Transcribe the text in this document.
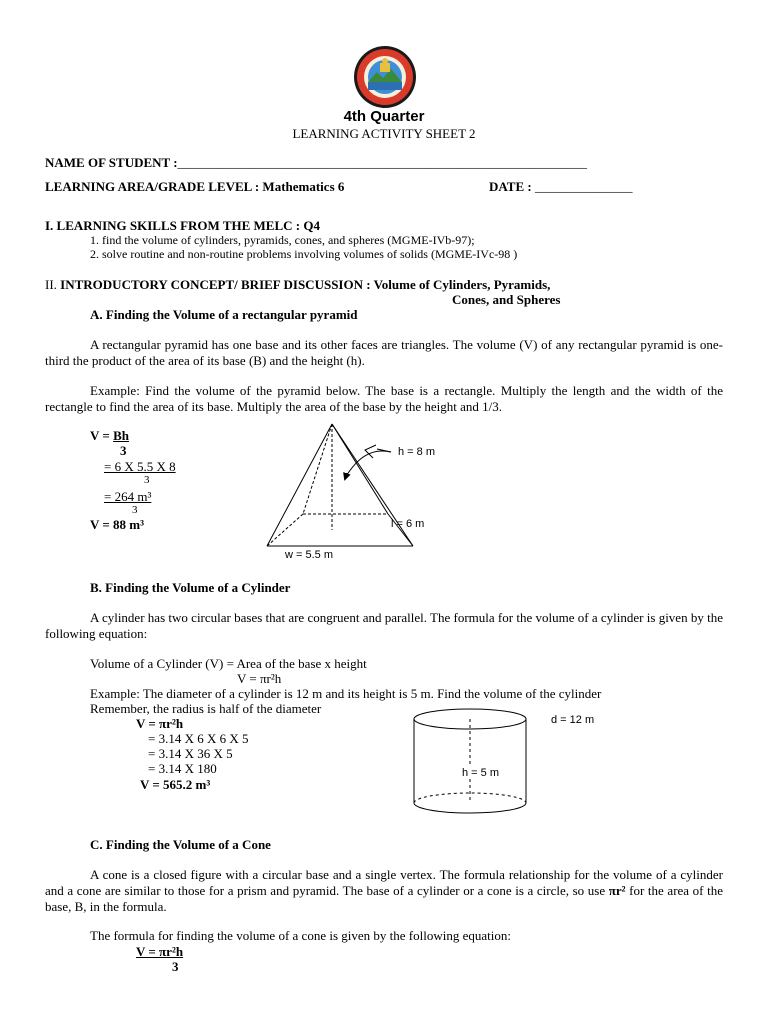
4th Quarter
LEARNING ACTIVITY SHEET 2
NAME OF STUDENT :_______________________________________________________________
LEARNING AREA/GRADE LEVEL : Mathematics 6	DATE : _______________
I. LEARNING SKILLS FROM THE MELC : Q4
1. find the volume of cylinders, pyramids, cones, and spheres (MGME-IVb-97);
2. solve routine and non-routine problems involving volumes of solids (MGME-IVc-98 )
II. INTRODUCTORY CONCEPT/ BRIEF DISCUSSION : Volume of Cylinders, Pyramids,
Cones, and Spheres
A. Finding the Volume of a rectangular pyramid

A rectangular pyramid has one base and its other faces are triangles. The volume (V) of any rectangular pyramid is one-third the product of the area of its base (B) and the height (h).

Example: Find the volume of the pyramid below. The base is a rectangle. Multiply the length and the width of the rectangle to find the area of its base. Multiply the area of the base by the height and 1/3.

V = Bh
3
= 6 X 5.5 X 8
3
= 264 m³
3
V = 88 m³
h = 8 m
l = 6 m
w = 5.5 m
B. Finding the Volume of a Cylinder

A cylinder has two circular bases that are congruent and parallel. The formula for the volume of a cylinder is given by the following equation:

Volume of a Cylinder (V) = Area of the base x height
V = πr²h
Example: The diameter of a cylinder is 12 m and its height is 5 m. Find the volume of the cylinder
Remember, the radius is half of the diameter
V = πr²h
= 3.14 X 6 X 6 X 5
= 3.14 X 36 X 5
= 3.14 X 180
V = 565.2 m³
d = 12 m
h = 5 m
C. Finding the Volume of a Cone

A cone is a closed figure with a circular base and a single vertex. The formula relationship for the volume of a cylinder and a cone are similar to those for a prism and pyramid. The base of a cylinder or a cone is a circle, so use πr² for the area of the base, B, in the formula.

The formula for finding the volume of a cone is given by the following equation:
V = πr²h
3
